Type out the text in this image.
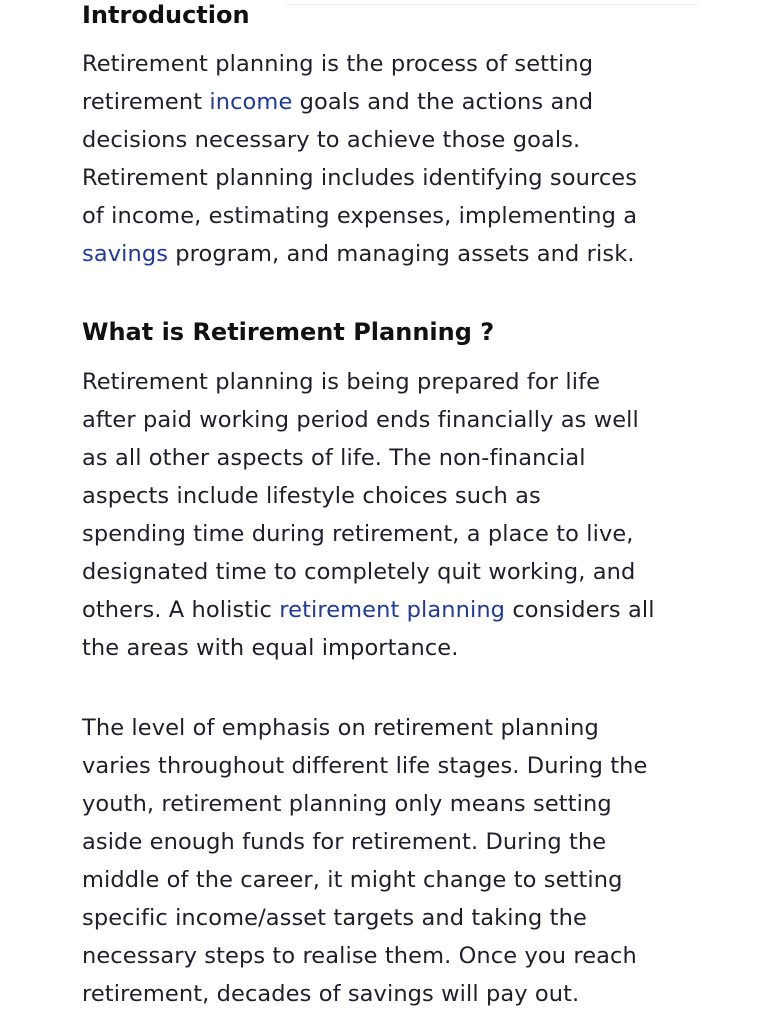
Introduction

Retirement planning is the process of setting
retirement income goals and the actions and
decisions necessary to achieve those goals.
Retirement planning includes identifying sources
of income, estimating expenses, implementing a
savings program, and managing assets and risk.

What is Retirement Planning ?

Retirement planning is being prepared for life
after paid working period ends financially as well
as all other aspects of life. The non-financial
aspects include lifestyle choices such as
spending time during retirement, a place to live,
designated time to completely quit working, and
others. A holistic retirement planning considers all
the areas with equal importance.

The level of emphasis on retirement planning
varies throughout different life stages. During the
youth, retirement planning only means setting
aside enough funds for retirement. During the
middle of the career, it might change to setting
specific income/asset targets and taking the
necessary steps to realise them. Once you reach
retirement, decades of savings will pay out.
